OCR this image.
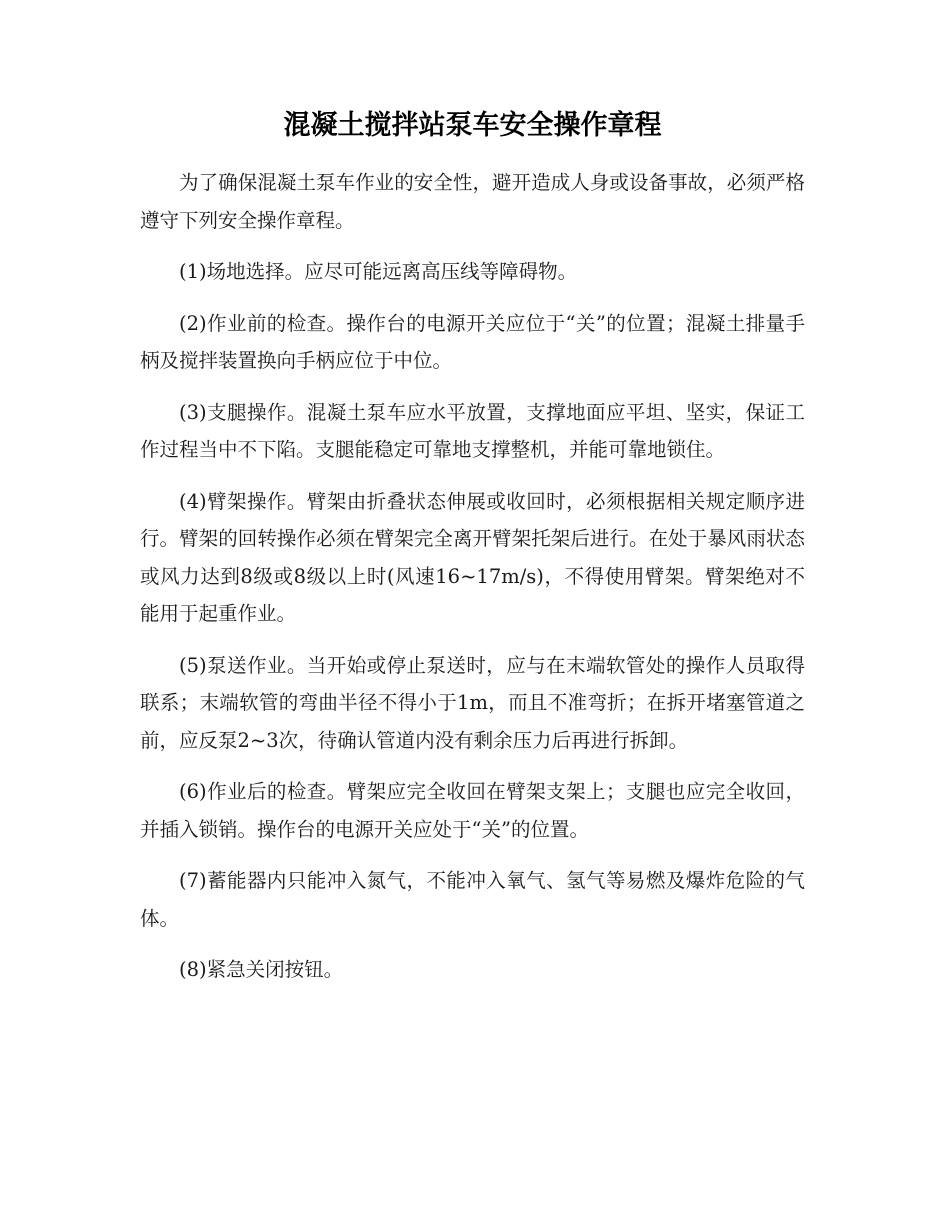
混凝土搅拌站泵车安全操作章程

为了确保混凝土泵车作业的安全性，避开造成人身或设备事故，必须严格遵守下列安全操作章程。

(1)场地选择。应尽可能远离高压线等障碍物。

(2)作业前的检查。操作台的电源开关应位于“关”的位置；混凝土排量手柄及搅拌装置换向手柄应位于中位。

(3)支腿操作。混凝土泵车应水平放置，支撑地面应平坦、坚实，保证工作过程当中不下陷。支腿能稳定可靠地支撑整机，并能可靠地锁住。

(4)臂架操作。臂架由折叠状态伸展或收回时，必须根据相关规定顺序进行。臂架的回转操作必须在臂架完全离开臂架托架后进行。在处于暴风雨状态或风力达到8级或8级以上时(风速16~17m/s)，不得使用臂架。臂架绝对不能用于起重作业。

(5)泵送作业。当开始或停止泵送时，应与在末端软管处的操作人员取得联系；末端软管的弯曲半径不得小于1m，而且不准弯折；在拆开堵塞管道之前，应反泵2~3次，待确认管道内没有剩余压力后再进行拆卸。

(6)作业后的检查。臂架应完全收回在臂架支架上；支腿也应完全收回，并插入锁销。操作台的电源开关应处于“关”的位置。

(7)蓄能器内只能冲入氮气，不能冲入氧气、氢气等易燃及爆炸危险的气体。

(8)紧急关闭按钮。
